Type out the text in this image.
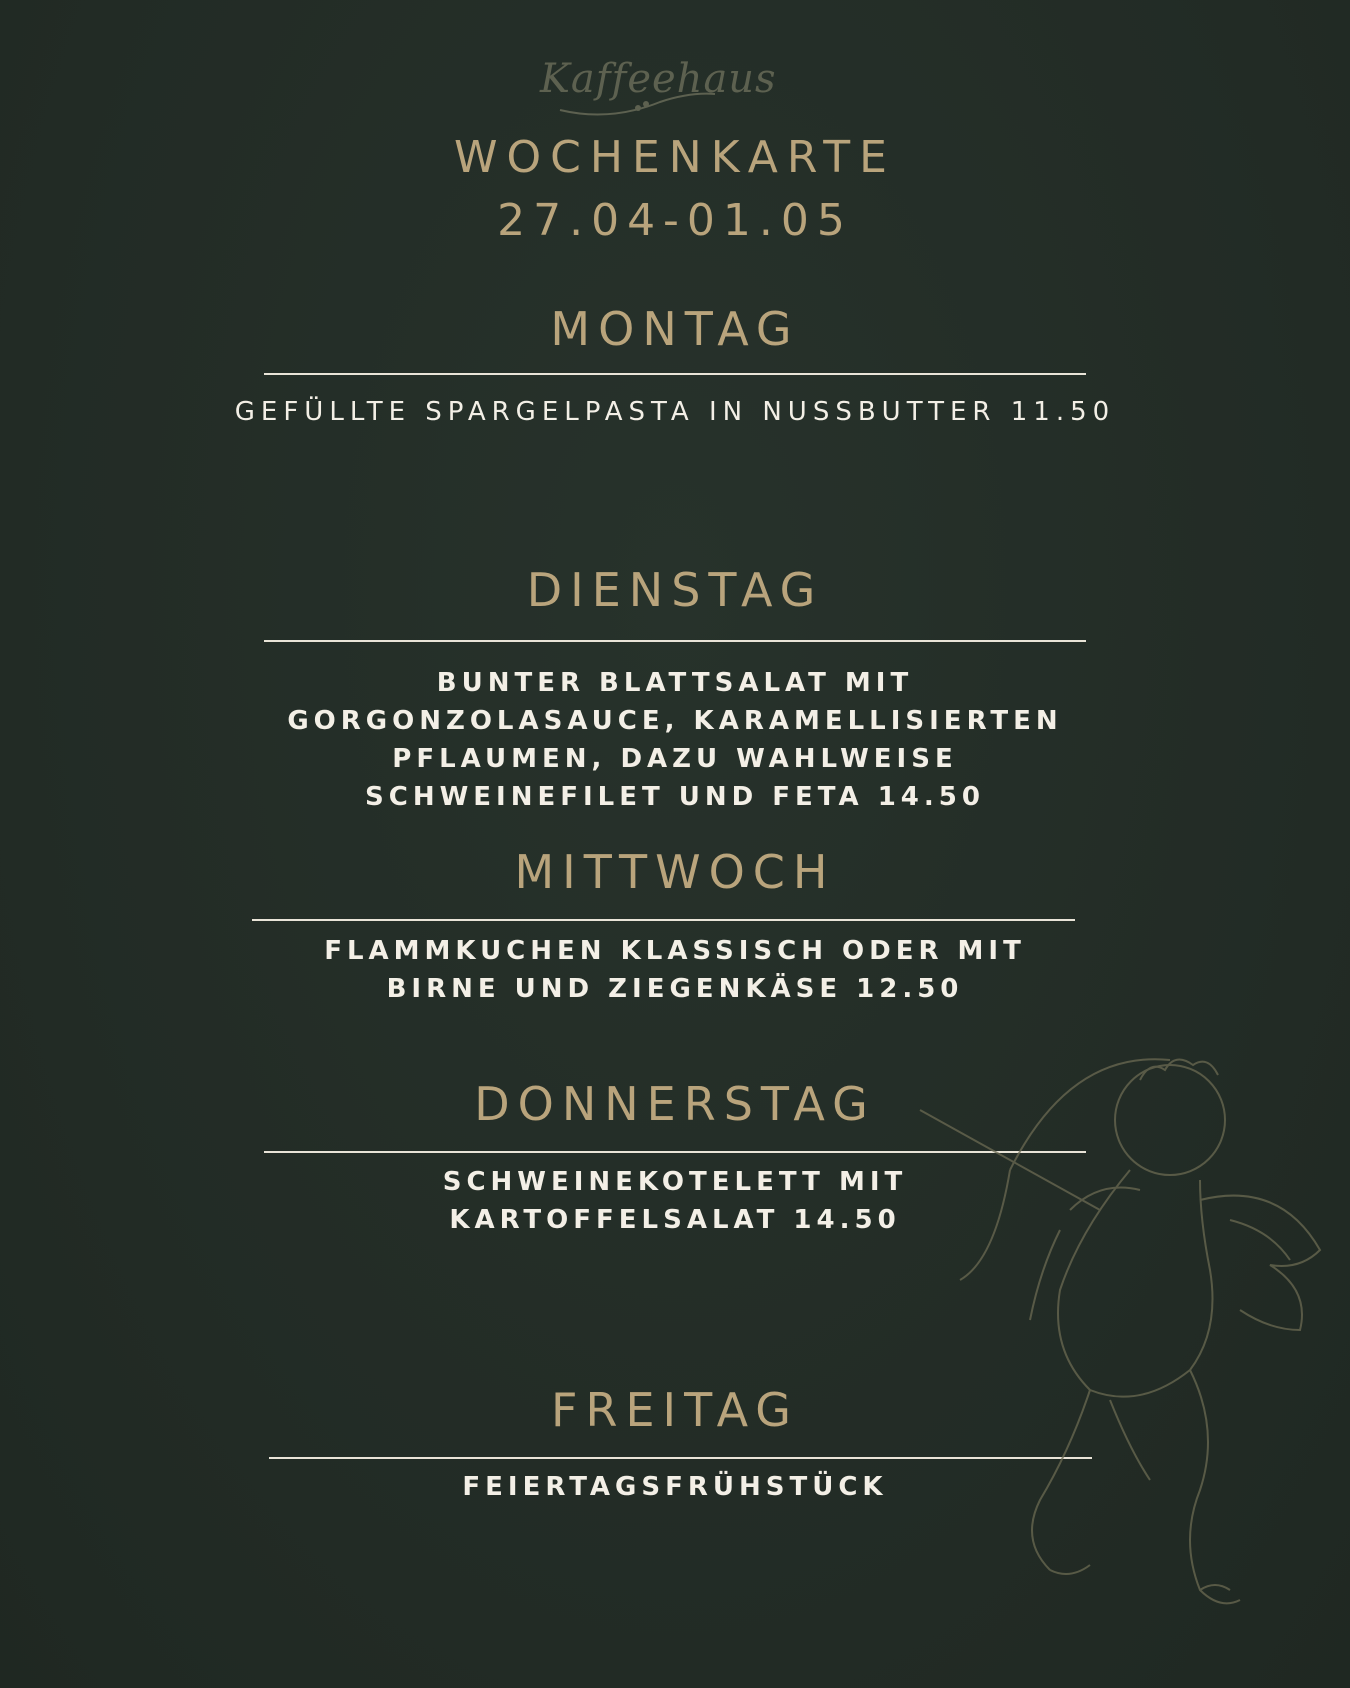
Kaffeehaus
WOCHENKARTE
27.04-01.05
MONTAG
GEFÜLLTE SPARGELPASTA IN NUSSBUTTER 11.50
DIENSTAG
BUNTER BLATTSALAT MIT
GORGONZOLASAUCE, KARAMELLISIERTEN
PFLAUMEN, DAZU WAHLWEISE
SCHWEINEFILET UND FETA 14.50
MITTWOCH
FLAMMKUCHEN KLASSISCH ODER MIT
BIRNE UND ZIEGENKÄSE 12.50
DONNERSTAG
SCHWEINEKOTELETT MIT
KARTOFFELSALAT 14.50
FREITAG
FEIERTAGSFRÜHSTÜCK
